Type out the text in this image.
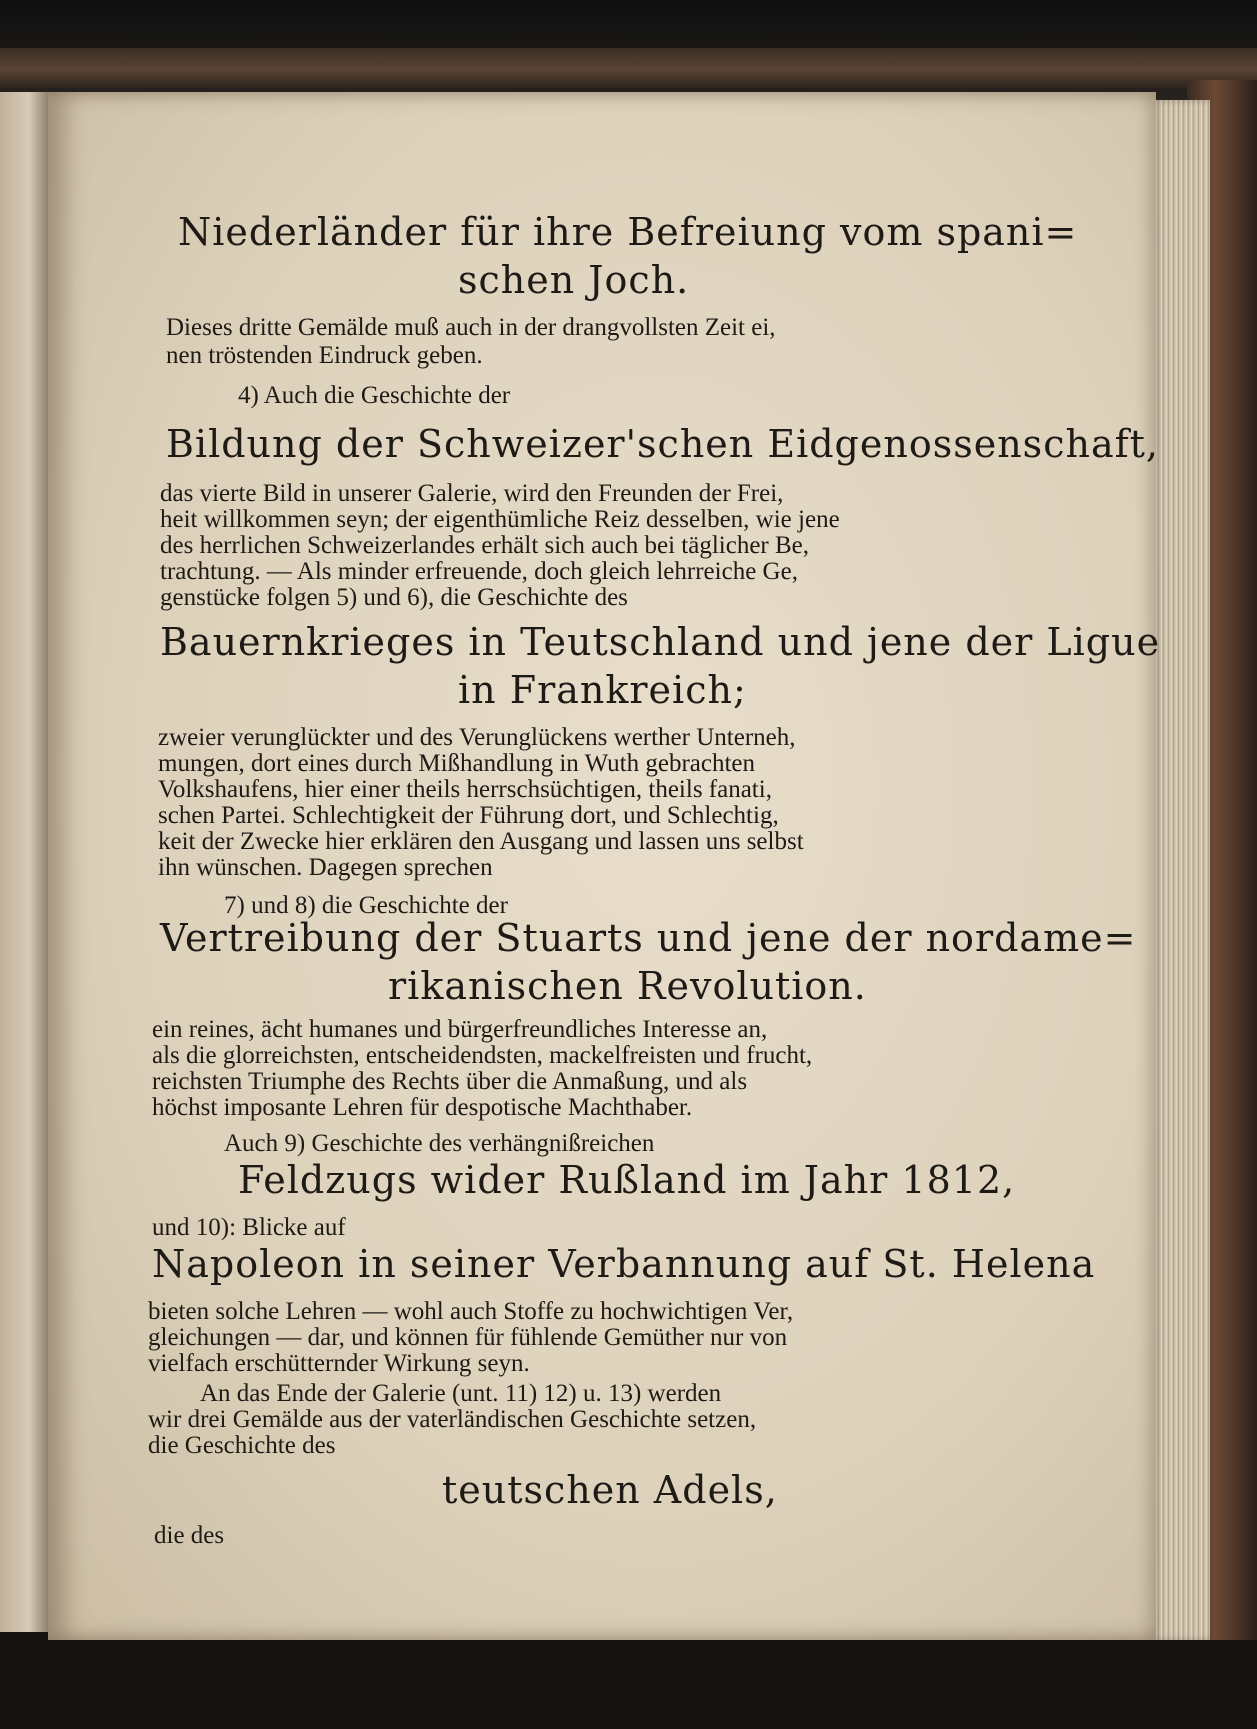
Niederländer für ihre Befreiung vom spani=

schen Joch.

Dieses dritte Gemälde muß auch in der drangvollsten Zeit ei,

nen tröstenden Eindruck geben.

4) Auch die Geschichte der

Bildung der Schweizer'schen Eidgenossenschaft,

das vierte Bild in unserer Galerie, wird den Freunden der Frei,

heit willkommen seyn; der eigenthümliche Reiz desselben, wie jene

des herrlichen Schweizerlandes erhält sich auch bei täglicher Be,

trachtung. — Als minder erfreuende, doch gleich lehrreiche Ge,

genstücke folgen 5) und 6), die Geschichte des

Bauernkrieges in Teutschland und jene der Ligue

in Frankreich;

zweier verunglückter und des Verunglückens werther Unterneh,

mungen, dort eines durch Mißhandlung in Wuth gebrachten

Volkshaufens, hier einer theils herrschsüchtigen, theils fanati,

schen Partei. Schlechtigkeit der Führung dort, und Schlechtig,

keit der Zwecke hier erklären den Ausgang und lassen uns selbst

ihn wünschen. Dagegen sprechen

7) und 8) die Geschichte der

Vertreibung der Stuarts und jene der nordame=

rikanischen Revolution.

ein reines, ächt humanes und bürgerfreundliches Interesse an,

als die glorreichsten, entscheidendsten, mackelfreisten und frucht,

reichsten Triumphe des Rechts über die Anmaßung, und als

höchst imposante Lehren für despotische Machthaber.

Auch 9) Geschichte des verhängnißreichen

Feldzugs wider Rußland im Jahr 1812,

und 10): Blicke auf

Napoleon in seiner Verbannung auf St. Helena

bieten solche Lehren — wohl auch Stoffe zu hochwichtigen Ver,

gleichungen — dar, und können für fühlende Gemüther nur von

vielfach erschütternder Wirkung seyn.

An das Ende der Galerie (unt. 11) 12) u. 13) werden

wir drei Gemälde aus der vaterländischen Geschichte setzen,

die Geschichte des

teutschen Adels,

die des
